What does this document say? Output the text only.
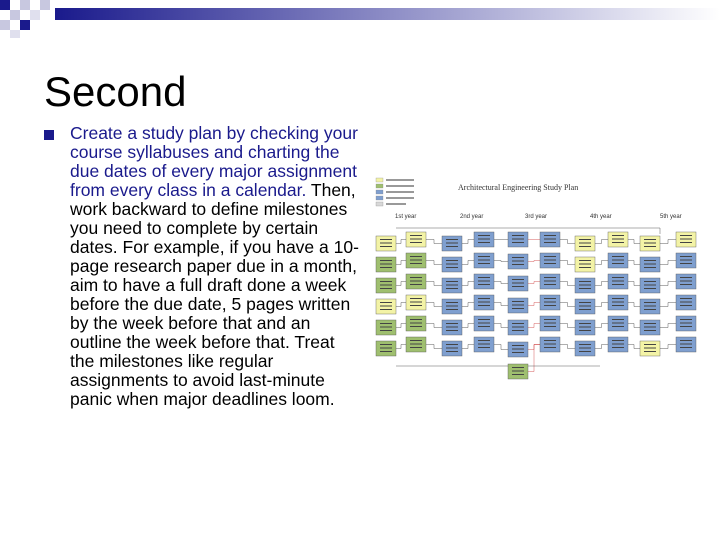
Second
Create a study plan by checking your course syllabuses and charting the due dates of every major assignment from every class in a calendar. Then, work backward to define milestones you need to complete by certain dates. For example, if you have a 10-page research paper due in a month, aim to have a full draft done a week before the due date, 5 pages written by the week before that and an outline the week before that. Treat the milestones like regular assignments to avoid last-minute panic when major deadlines loom.
Architectural Engineering Study Plan
1st year	2nd year	3rd year	4th year	5th year
